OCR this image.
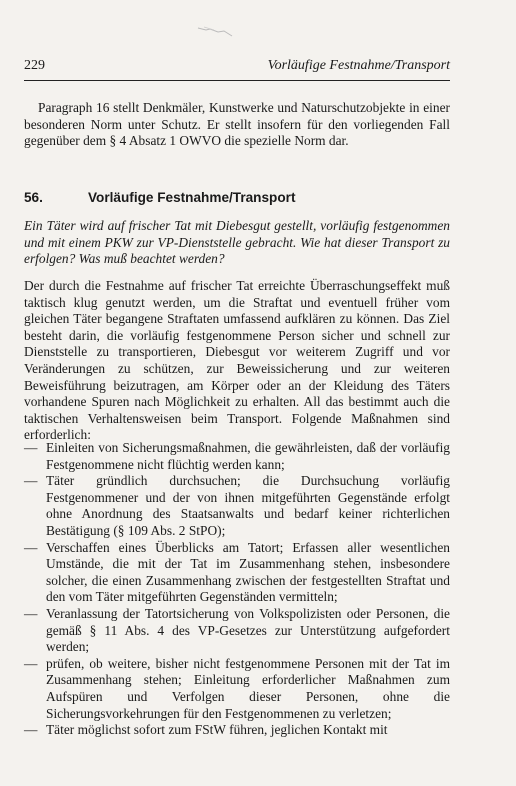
229	Vorläufige Festnahme/Transport

Paragraph 16 stellt Denkmäler, Kunstwerke und Naturschutzobjekte in einer besonderen Norm unter Schutz. Er stellt insofern für den vorliegenden Fall gegenüber dem § 4 Absatz 1 OWVO die spezielle Norm dar.

56.	Vorläufige Festnahme/Transport

Ein Täter wird auf frischer Tat mit Diebesgut gestellt, vorläufig festgenommen und mit einem PKW zur VP-Dienststelle gebracht. Wie hat dieser Transport zu erfolgen? Was muß beachtet werden?

Der durch die Festnahme auf frischer Tat erreichte Überraschungseffekt muß taktisch klug genutzt werden, um die Straftat und eventuell früher vom gleichen Täter begangene Straftaten umfassend aufklären zu können. Das Ziel besteht darin, die vorläufig festgenommene Person sicher und schnell zur Dienststelle zu transportieren, Diebesgut vor weiterem Zugriff und vor Veränderungen zu schützen, zur Beweissicherung und zur weiteren Beweisführung beizutragen, am Körper oder an der Kleidung des Täters vorhandene Spuren nach Möglichkeit zu erhalten. All das bestimmt auch die taktischen Verhaltensweisen beim Transport. Folgende Maßnahmen sind erforderlich:

— Einleiten von Sicherungsmaßnahmen, die gewährleisten, daß der vorläufig Festgenommene nicht flüchtig werden kann;
— Täter gründlich durchsuchen; die Durchsuchung vorläufig Festgenommener und der von ihnen mitgeführten Gegenstände erfolgt ohne Anordnung des Staatsanwalts und bedarf keiner richterlichen Bestätigung (§ 109 Abs. 2 StPO);
— Verschaffen eines Überblicks am Tatort; Erfassen aller wesentlichen Umstände, die mit der Tat im Zusammenhang stehen, insbesondere solcher, die einen Zusammenhang zwischen der festgestellten Straftat und den vom Täter mitgeführten Gegenständen vermitteln;
— Veranlassung der Tatortsicherung von Volkspolizisten oder Personen, die gemäß § 11 Abs. 4 des VP-Gesetzes zur Unterstützung aufgefordert werden;
— prüfen, ob weitere, bisher nicht festgenommene Personen mit der Tat im Zusammenhang stehen; Einleitung erforderlicher Maßnahmen zum Aufspüren und Verfolgen dieser Personen, ohne die Sicherungsvorkehrungen für den Festgenommenen zu verletzen;
— Täter möglichst sofort zum FStW führen, jeglichen Kontakt mit
